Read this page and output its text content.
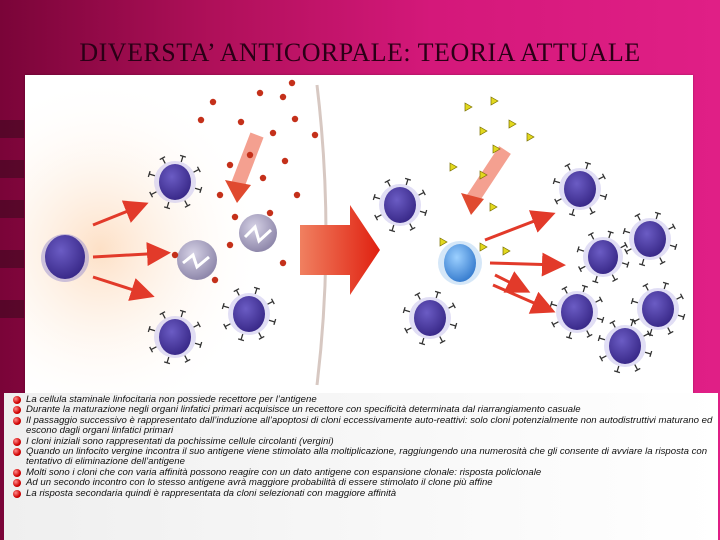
DIVERSTA’ ANTICORPALE: TEORIA ATTUALE
La cellula staminale linfocitaria non possiede recettore per l’antigene
Durante la maturazione negli organi linfatici primari acquisisce un recettore con specificità determinata dal riarrangiamento casuale
Il passaggio successivo è rappresentato dall’induzione all’apoptosi di cloni eccessivamente auto-reattivi: solo cloni potenzialmente non autodistruttivi maturano ed escono dagli organi linfatici primari
I cloni iniziali sono rappresentati da pochissime cellule circolanti (vergini)
Quando un linfocito vergine incontra il suo antigene viene stimolato alla moltiplicazione, raggiungendo una numerosità che gli consente di avviare la risposta con tentativo di eliminazione dell’antigene
Molti sono i cloni che con varia affinità possono reagire con un dato antigene con espansione clonale: risposta policlonale
Ad un secondo incontro con lo stesso antigene avrà maggiore probabilità di essere stimolato il clone più affine
La risposta secondaria quindi è rappresentata da cloni selezionati con maggiore affinità
